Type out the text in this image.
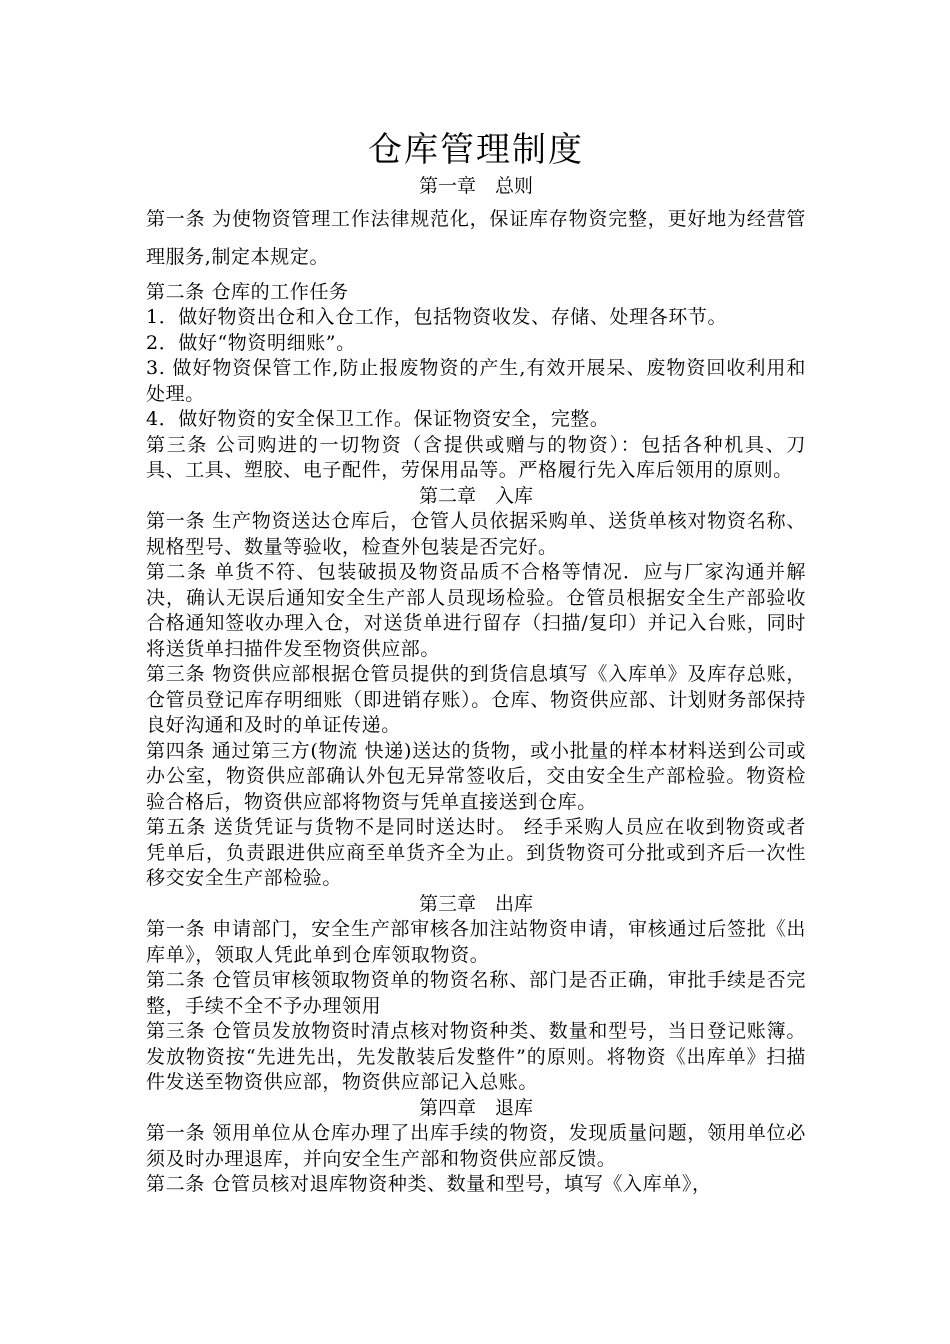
仓库管理制度
第一章　总则

第一条 为使物资管理工作法律规范化，保证库存物资完整，更好地为经营管理服务,制定本规定。

第二条 仓库的工作任务

1．做好物资出仓和入仓工作，包括物资收发、存储、处理各环节。

2．做好“物资明细账”。

3. 做好物资保管工作,防止报废物资的产生,有效开展呆、废物资回收利用和处理。

4．做好物资的安全保卫工作。保证物资安全，完整。

第三条 公司购进的一切物资（含提供或赠与的物资）：包括各种机具、刀具、工具、塑胶、电子配件，劳保用品等。严格履行先入库后领用的原则。

第二章　入库

第一条 生产物资送达仓库后，仓管人员依据采购单、送货单核对物资名称、规格型号、数量等验收，检查外包装是否完好。

第二条 单货不符、包装破损及物资品质不合格等情况．应与厂家沟通并解决，确认无误后通知安全生产部人员现场检验。仓管员根据安全生产部验收合格通知签收办理入仓，对送货单进行留存（扫描/复印）并记入台账，同时将送货单扫描件发至物资供应部。

第三条 物资供应部根据仓管员提供的到货信息填写《入库单》及库存总账，仓管员登记库存明细账（即进销存账）。仓库、物资供应部、计划财务部保持良好沟通和及时的单证传递。

第四条 通过第三方(物流 快递)送达的货物，或小批量的样本材料送到公司或办公室，物资供应部确认外包无异常签收后，交由安全生产部检验。物资检验合格后，物资供应部将物资与凭单直接送到仓库。

第五条 送货凭证与货物不是同时送达时。 经手采购人员应在收到物资或者凭单后，负责跟进供应商至单货齐全为止。到货物资可分批或到齐后一次性移交安全生产部检验。

第三章　出库

第一条 申请部门，安全生产部审核各加注站物资申请，审核通过后签批《出库单》，领取人凭此单到仓库领取物资。

第二条 仓管员审核领取物资单的物资名称、部门是否正确，审批手续是否完整，手续不全不予办理领用

第三条 仓管员发放物资时清点核对物资种类、数量和型号，当日登记账簿。发放物资按“先进先出，先发散装后发整件”的原则。将物资《出库单》扫描件发送至物资供应部，物资供应部记入总账。

第四章　退库

第一条 领用单位从仓库办理了出库手续的物资，发现质量问题，领用单位必须及时办理退库，并向安全生产部和物资供应部反馈。

第二条 仓管员核对退库物资种类、数量和型号，填写《入库单》，
